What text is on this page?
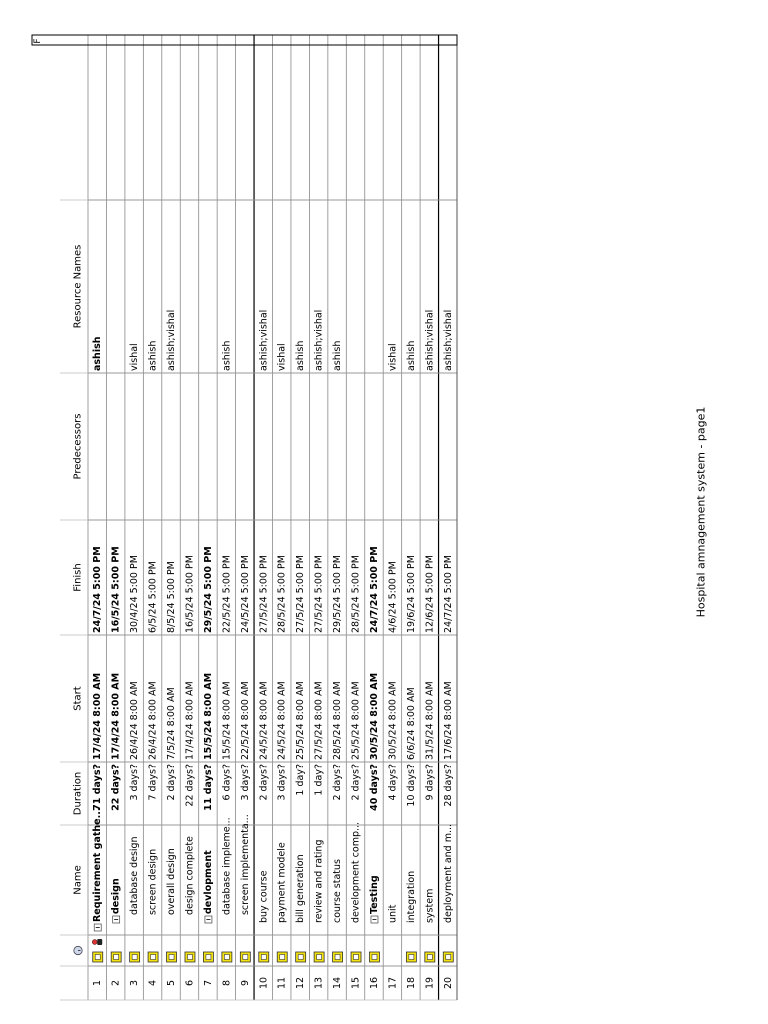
Name
Duration
Start
Finish
Predecessors
Resource Names
F
1
Requirement gathe...
71 days?
17/4/24 8:00 AM
24/7/24 5:00 PM
ashish
2
design
22 days?
17/4/24 8:00 AM
16/5/24 5:00 PM
3
database design
3 days?
26/4/24 8:00 AM
30/4/24 5:00 PM
vishal
4
screen design
7 days?
26/4/24 8:00 AM
6/5/24 5:00 PM
ashish
5
overall design
2 days?
7/5/24 8:00 AM
8/5/24 5:00 PM
ashish;vishal
6
design complete
22 days?
17/4/24 8:00 AM
16/5/24 5:00 PM
7
devlopment
11 days?
15/5/24 8:00 AM
29/5/24 5:00 PM
8
database impleme...
6 days?
15/5/24 8:00 AM
22/5/24 5:00 PM
ashish
9
screen implementa...
3 days?
22/5/24 8:00 AM
24/5/24 5:00 PM
10
buy course
2 days?
24/5/24 8:00 AM
27/5/24 5:00 PM
ashish;vishal
11
payment modele
3 days?
24/5/24 8:00 AM
28/5/24 5:00 PM
vishal
12
bill generation
1 day?
25/5/24 8:00 AM
27/5/24 5:00 PM
ashish
13
review and rating
1 day?
27/5/24 8:00 AM
27/5/24 5:00 PM
ashish;vishal
14
course status
2 days?
28/5/24 8:00 AM
29/5/24 5:00 PM
ashish
15
development comp...
2 days?
25/5/24 8:00 AM
28/5/24 5:00 PM
16
Testing
40 days?
30/5/24 8:00 AM
24/7/24 5:00 PM
17
unit
4 days?
30/5/24 8:00 AM
4/6/24 5:00 PM
vishal
18
integration
10 days?
6/6/24 8:00 AM
19/6/24 5:00 PM
ashish
19
system
9 days?
31/5/24 8:00 AM
12/6/24 5:00 PM
ashish;vishal
20
deployment and m...
28 days?
17/6/24 8:00 AM
24/7/24 5:00 PM
ashish;vishal
Hospital amnagement system - page1
